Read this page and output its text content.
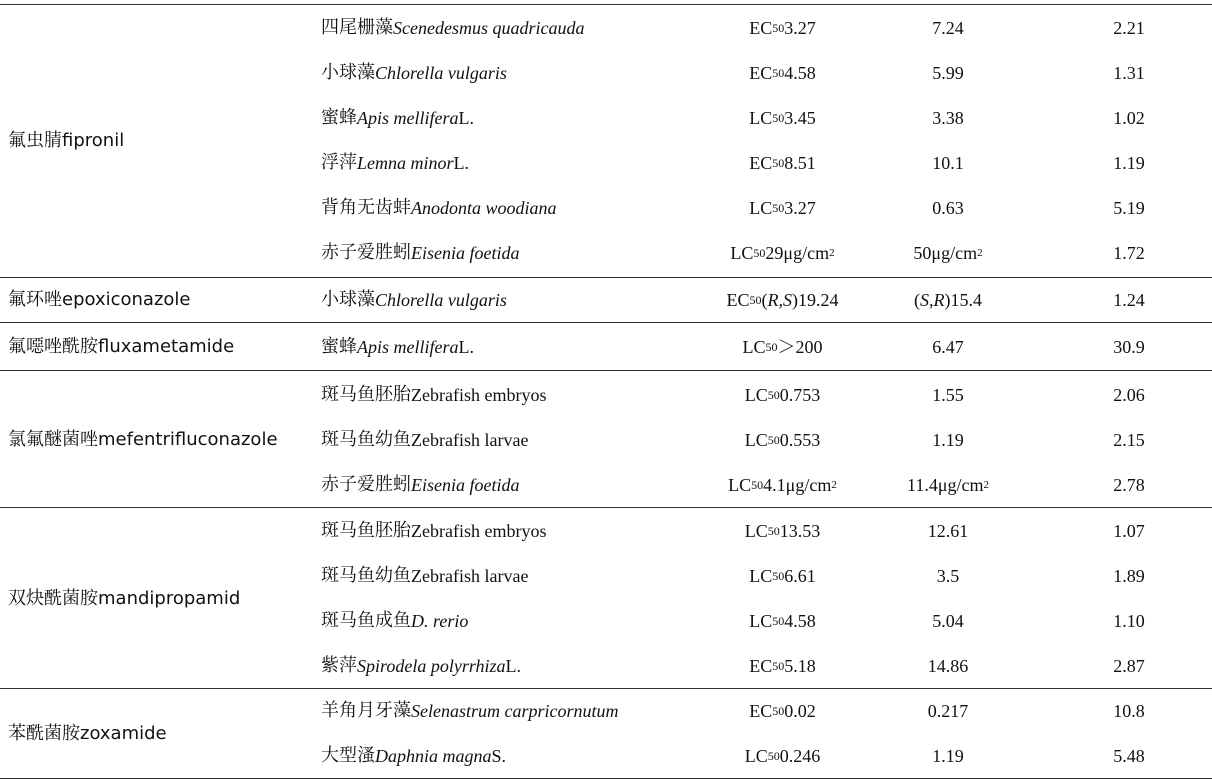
氟虫腈 fipronil
四尾栅藻 Scenedesmus quadricauda	EC 50 3.27	7.24	2.21
小球藻 Chlorella vulgaris	EC 50 4.58	5.99	1.31
蜜蜂 Apis mellifera L.	LC 50 3.45	3.38	1.02
浮萍 Lemna minor L.	EC 50 8.51	10.1	1.19
背角无齿蚌 Anodonta woodiana	LC 50 3.27	0.63	5.19
赤子爱胜蚓 Eisenia foetida	LC 50 29 μg/cm 2	50 μg/cm 2	1.72
氟环唑 epoxiconazole	小球藻 Chlorella vulgaris	EC 50 ( R,S ) 19.24	( S,R ) 15.4	1.24
氟噁唑酰胺 fluxametamide	蜜蜂 Apis mellifera L.	LC 50 ＞200	6.47	30.9
氯氟醚菌唑 mefentrifluconazole
斑马鱼胚胎 Zebrafish embryos	LC 50 0.753	1.55	2.06
斑马鱼幼鱼 Zebrafish larvae	LC 50 0.553	1.19	2.15
赤子爱胜蚓 Eisenia foetida	LC 50 4.1 μg/cm 2	11.4 μg/cm 2	2.78
双炔酰菌胺 mandipropamid
斑马鱼胚胎 Zebrafish embryos	LC 50 13.53	12.61	1.07
斑马鱼幼鱼 Zebrafish larvae	LC 50 6.61	3.5	1.89
斑马鱼成鱼 D. rerio	LC 50 4.58	5.04	1.10
紫萍 Spirodela polyrrhiza L.	EC 50 5.18	14.86	2.87
苯酰菌胺 zoxamide
羊角月牙藻 Selenastrum carpricornutum	EC 50 0.02	0.217	10.8
大型溞 Daphnia magna S.	LC 50 0.246	1.19	5.48
